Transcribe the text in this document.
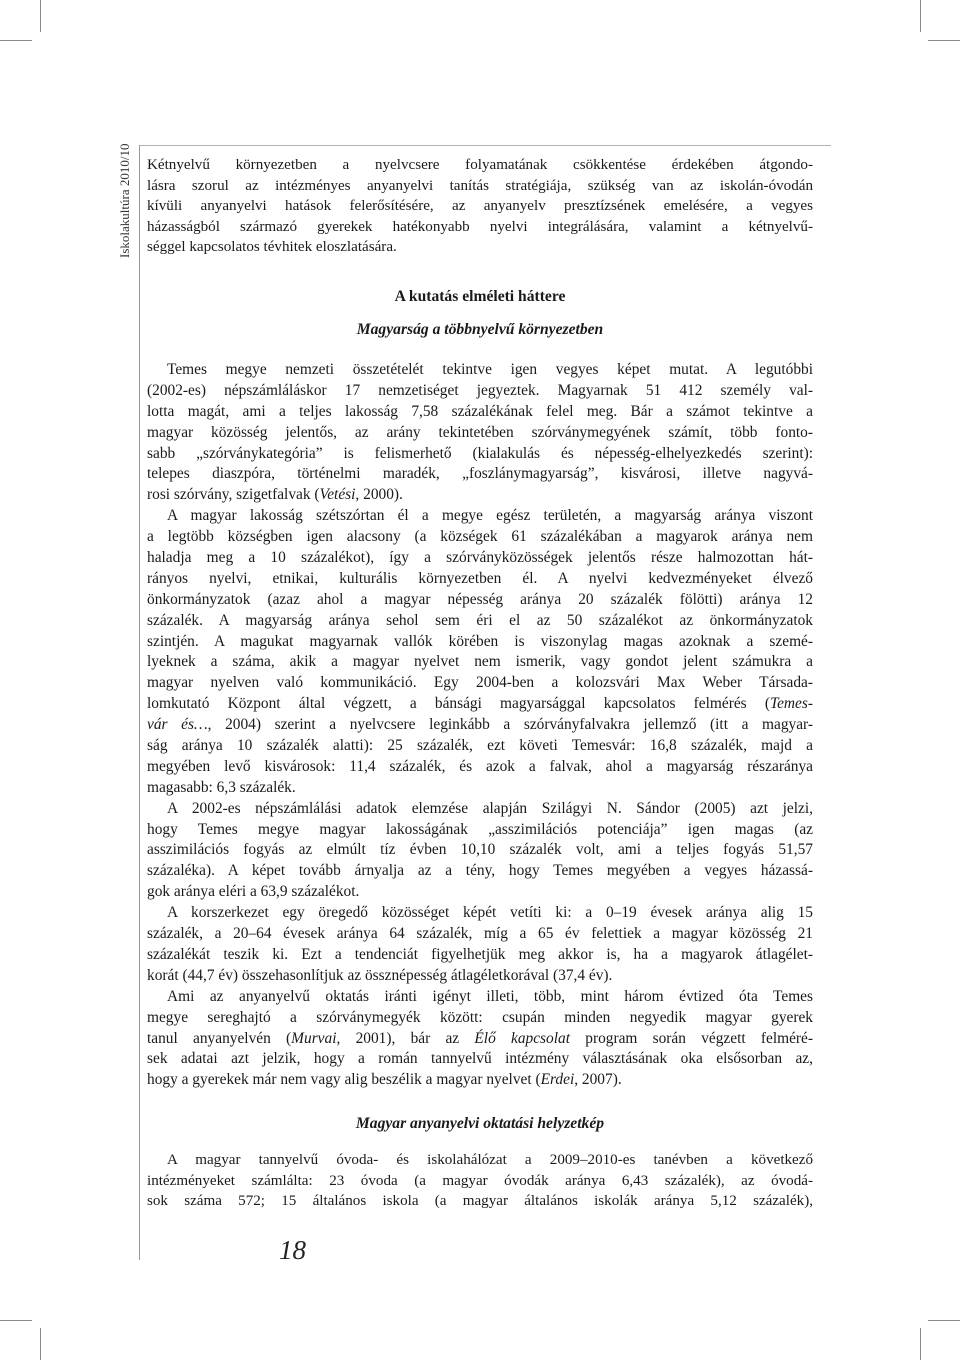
Iskolakultúra 2010/10 Kétnyelvű környezetben a nyelvcsere folyamatának csökkentése érdekében átgondo-
lásra szorul az intézményes anyanyelvi tanítás stratégiája, szükség van az iskolán-óvodán
kívüli anyanyelvi hatások felerősítésére, az anyanyelv presztízsének emelésére, a vegyes
házasságból származó gyerekek hatékonyabb nyelvi integrálására, valamint a kétnyelvű-
séggel kapcsolatos tévhitek eloszlatására.
A kutatás elméleti háttere
Magyarság a többnyelvű környezetben
Temes megye nemzeti összetételét tekintve igen vegyes képet mutat. A legutóbbi
(2002-es) népszámláláskor 17 nemzetiséget jegyeztek. Magyarnak 51 412 személy val-
lotta magát, ami a teljes lakosság 7,58 százalékának felel meg. Bár a számot tekintve a
magyar közösség jelentős, az arány tekintetében szórványmegyének számít, több fonto-
sabb „szórványkategória” is felismerhető (kialakulás és népesség-elhelyezkedés szerint):
telepes diaszpóra, történelmi maradék, „foszlánymagyarság”, kisvárosi, illetve nagyvá-
rosi szórvány, szigetfalvak (Vetési, 2000).
A magyar lakosság szétszórtan él a megye egész területén, a magyarság aránya viszont
a legtöbb községben igen alacsony (a községek 61 százalékában a magyarok aránya nem
haladja meg a 10 százalékot), így a szórványközösségek jelentős része halmozottan hát-
rányos nyelvi, etnikai, kulturális környezetben él. A nyelvi kedvezményeket élvező
önkormányzatok (azaz ahol a magyar népesség aránya 20 százalék fölötti) aránya 12
százalék. A magyarság aránya sehol sem éri el az 50 százalékot az önkormányzatok
szintjén. A magukat magyarnak vallók körében is viszonylag magas azoknak a szemé-
lyeknek a száma, akik a magyar nyelvet nem ismerik, vagy gondot jelent számukra a
magyar nyelven való kommunikáció. Egy 2004-ben a kolozsvári Max Weber Társada-
lomkutató Központ által végzett, a bánsági magyarsággal kapcsolatos felmérés (Temes-
vár és…, 2004) szerint a nyelvcsere leginkább a szórványfalvakra jellemző (itt a magyar-
ság aránya 10 százalék alatti): 25 százalék, ezt követi Temesvár: 16,8 százalék, majd a
megyében levő kisvárosok: 11,4 százalék, és azok a falvak, ahol a magyarság részaránya
magasabb: 6,3 százalék.
A 2002-es népszámlálási adatok elemzése alapján Szilágyi N. Sándor (2005) azt jelzi,
hogy Temes megye magyar lakosságának „asszimilációs potenciája” igen magas (az
asszimilációs fogyás az elmúlt tíz évben 10,10 százalék volt, ami a teljes fogyás 51,57
százaléka). A képet tovább árnyalja az a tény, hogy Temes megyében a vegyes házassá-
gok aránya eléri a 63,9 százalékot.
A korszerkezet egy öregedő közösséget képét vetíti ki: a 0–19 évesek aránya alig 15
százalék, a 20–64 évesek aránya 64 százalék, míg a 65 év felettiek a magyar közösség 21
százalékát teszik ki. Ezt a tendenciát figyelhetjük meg akkor is, ha a magyarok átlagélet-
korát (44,7 év) összehasonlítjuk az össznépesség átlagéletkorával (37,4 év).
Ami az anyanyelvű oktatás iránti igényt illeti, több, mint három évtized óta Temes
megye sereghajtó a szórványmegyék között: csupán minden negyedik magyar gyerek
tanul anyanyelvén (Murvai, 2001), bár az Élő kapcsolat program során végzett felméré-
sek adatai azt jelzik, hogy a román tannyelvű intézmény választásának oka elsősorban az,
hogy a gyerekek már nem vagy alig beszélik a magyar nyelvet (Erdei, 2007).
Magyar anyanyelvi oktatási helyzetkép
A magyar tannyelvű óvoda- és iskolahálózat a 2009–2010-es tanévben a következő
intézményeket számlálta: 23 óvoda (a magyar óvodák aránya 6,43 százalék), az óvodá-
sok száma 572; 15 általános iskola (a magyar általános iskolák aránya 5,12 százalék),
18
